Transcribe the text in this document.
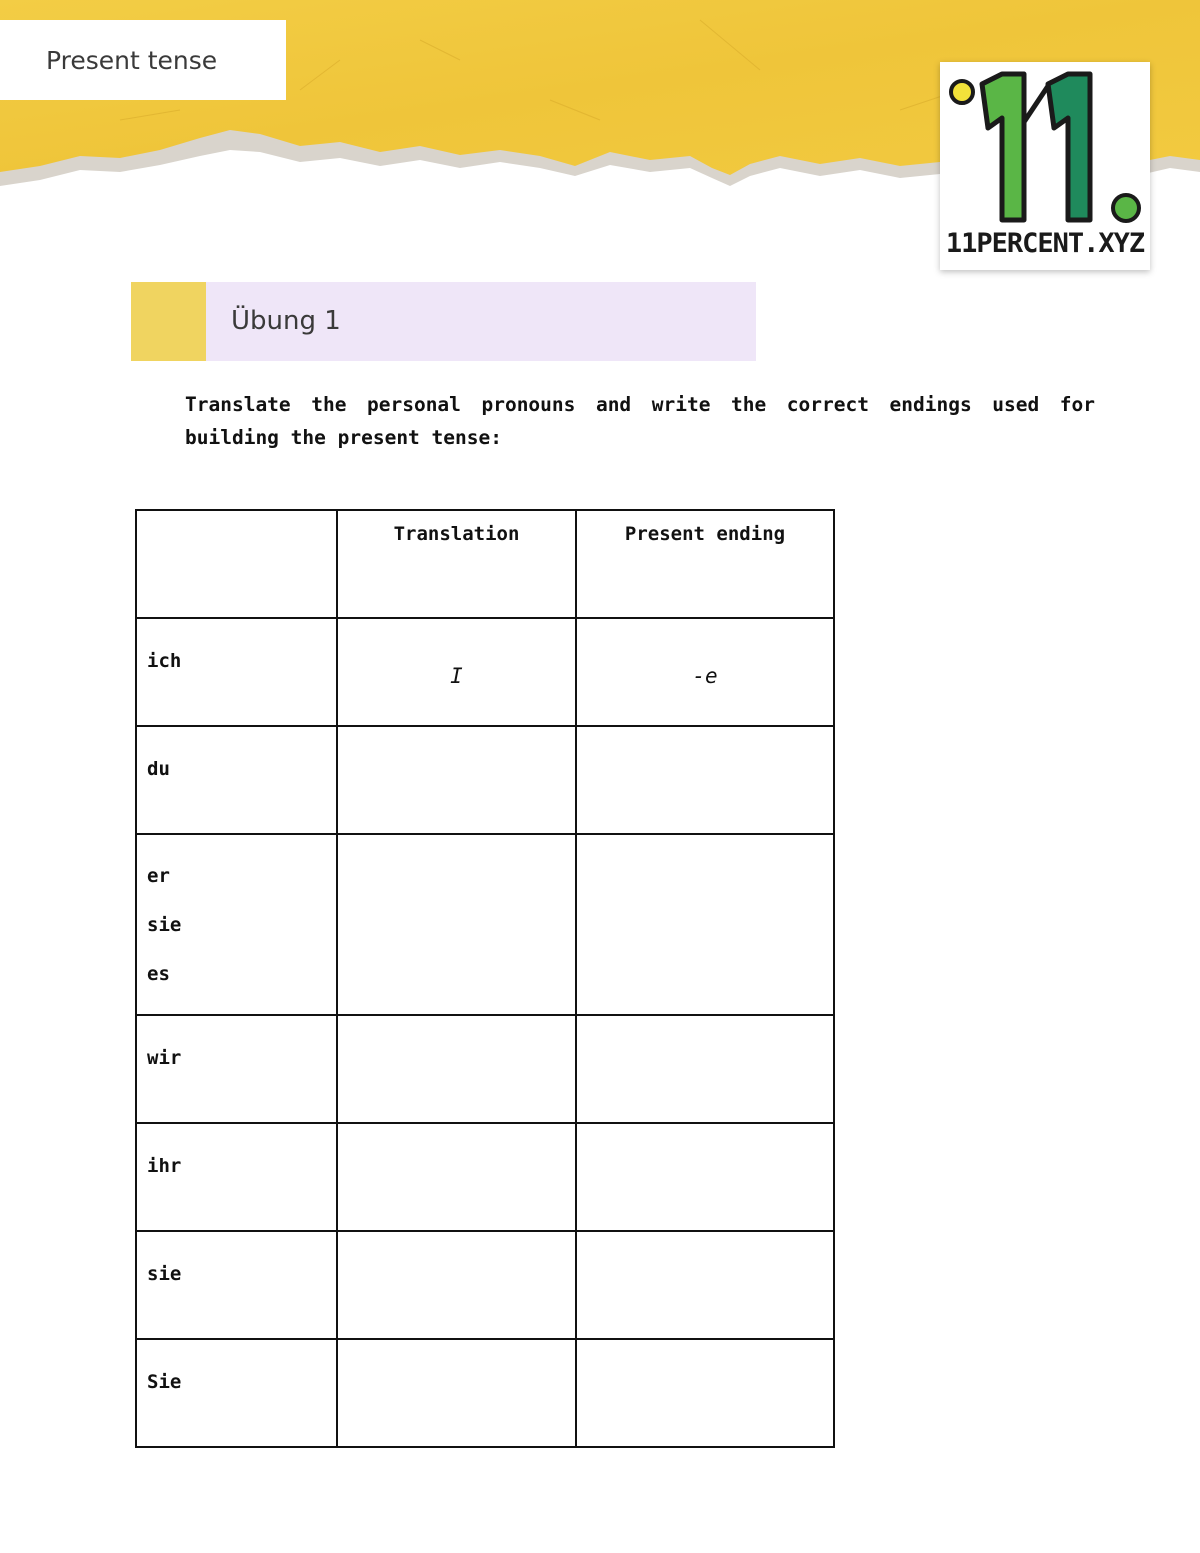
Present tense
11PERCENT.XYZ
Übung 1
Translate the personal pronouns and write the correct endings used for building the present tense:
	Translation	Present ending

ich	I	-e

du		

er
sie
es		

wir		

ihr		

sie		

Sie		
